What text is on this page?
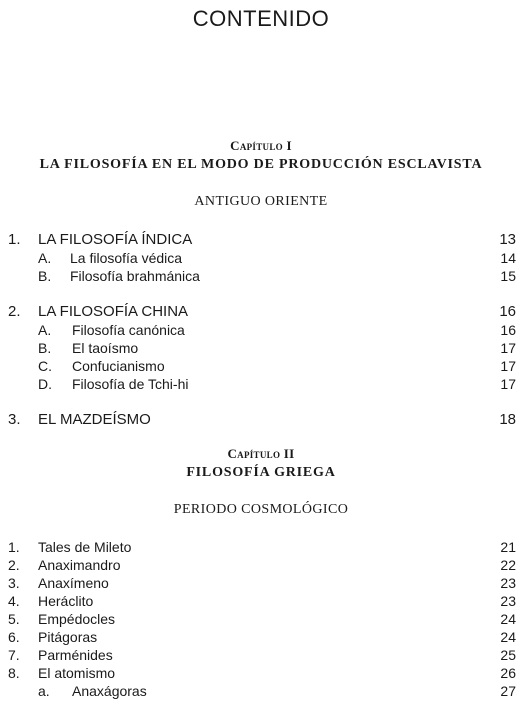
CONTENIDO
Capítulo I
LA FILOSOFÍA EN EL MODO DE PRODUCCIÓN ESCLAVISTA
ANTIGUO ORIENTE
1. LA FILOSOFÍA ÍNDICA	13
A. La filosofía védica	14
B. Filosofía brahmánica	15
2. LA FILOSOFÍA CHINA	16
A. Filosofía canónica	16
B. El taoísmo	17
C. Confucianismo	17
D. Filosofía de Tchi-hi	17
3. EL MAZDEÍSMO	18
Capítulo II
FILOSOFÍA GRIEGA
PERIODO COSMOLÓGICO
1. Tales de Mileto	21
2. Anaximandro	22
3. Anaxímeno	23
4. Heráclito	23
5. Empédocles	24
6. Pitágoras	24
7. Parménides	25
8. El atomismo	26
a. Anaxágoras	27
